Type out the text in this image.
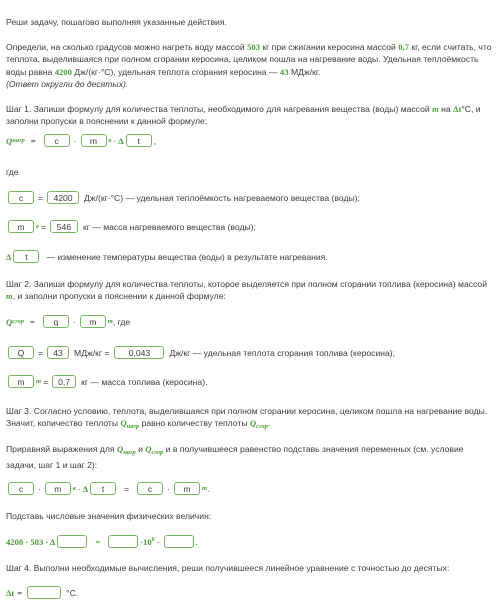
Реши задачу, пошагово выполняя указанные действия.
Определи, на сколько градусов можно нагреть воду массой 503 кг при сжигании керосина массой 0,7 кг, если считать, что теплота, выделившаяся при полном сгорании керосина, целиком пошла на нагревание воды. Удельная теплоёмкость воды равна 4200 Дж/(кг·°С), удельная теплота сгорания керосина — 43 МДж/кг.
(Ответ округли до десятых).
Шаг 1. Запиши формулу для количества теплоты, необходимого для нагревания вещества (воды) массой m на Δt°С, и заполни пропуски в пояснении к данной формуле:
Q нагр =	c	·	m	в · Δ	t	,
где
c	=	4200	Дж/(кг·°С) — удельная теплоёмкость нагреваемого вещества (воды);
m	в =	546	кг — масса нагреваемого вещества (воды);
Δ	t	— изменение температуры вещества (воды) в результате нагревания.
Шаг 2. Запиши формулу для количества теплоты, которое выделяется при полном сгорании топлива (керосина) массой m, и заполни пропуски в пояснении к данной формуле:
Q сгор =	q	·	m	т , где
Q	=	43	МДж/кг =	0,043	Дж/кг — удельная теплота сгорания топлива (керосина);
m	т =	0,7	кг — масса топлива (керосина).
Шаг 3. Согласно условию, теплота, выделившаяся при полном сгорании керосина, целиком пошла на нагревание воды. Значит, количество теплоты $Q_{нагр}$ равно количеству теплоты $Q_{сгор}$.
Приравняй выражения для $Q_{нагр}$ и $Q_{сгор}$ и в получившееся равенство подставь значения переменных (см. условие задачи, шаг 1 и шаг 2):
c	·	m	в · Δ	t	=	c	·	m	т .
Подставь числовые значения физических величин:
4200 · 503 · Δ	=	$\cdot 10^6$ ·	.
Шаг 4. Выполни необходимые вычисления, реши получившееся линейное уравнение с точностью до десятых:
Δt =	°С.
